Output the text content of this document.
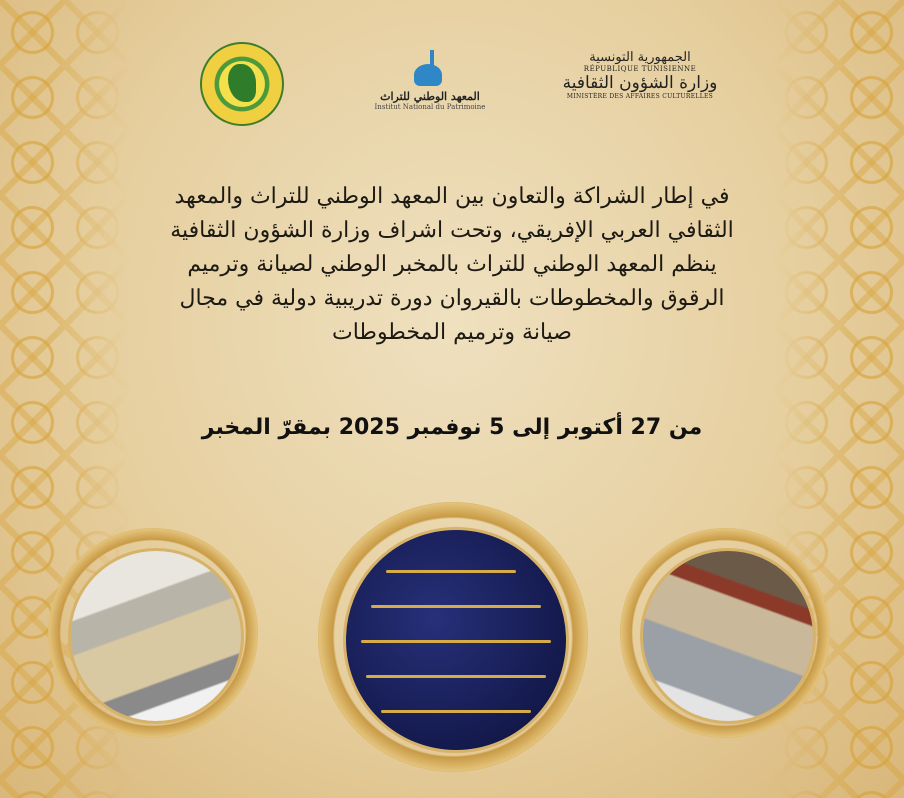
المعهد الوطني للتراث
Institut National du Patrimoine
الجمهورية التونسية
RÉPUBLIQUE TUNISIENNE
وزارة الشؤون الثقافية
MINISTÈRE DES AFFAIRES CULTURELLES
في إطار الشراكة والتعاون بين المعهد الوطني للتراث والمعهد
الثقافي العربي الإفريقي، وتحت اشراف وزارة الشؤون الثقافية
ينظم المعهد الوطني للتراث بالمخبر الوطني لصيانة وترميم
الرقوق والمخطوطات بالقيروان دورة تدريبية دولية في مجال
صيانة وترميم المخطوطات
من 27 أكتوبر إلى 5 نوفمبر 2025 بمقرّ المخبر
